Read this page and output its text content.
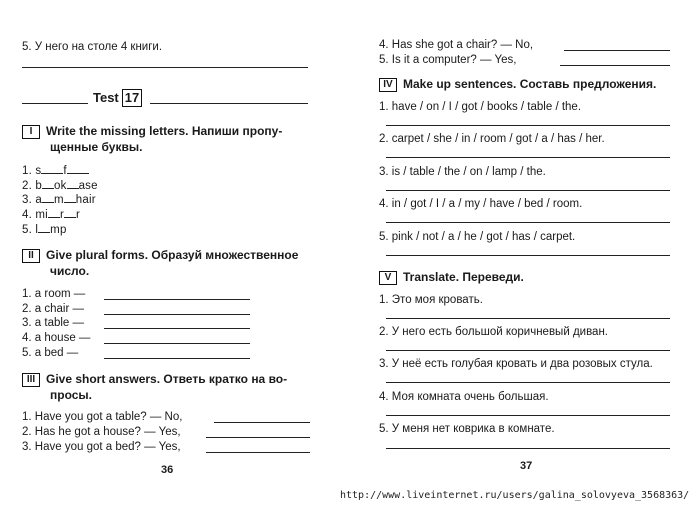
5. У него на столе 4 книги.
Test 17
I Write the missing letters. Напиши пропу-
щенные буквы.
1. s f
2. b ok ase
3. a m hair
4. mi r r
5. l mp
II Give plural forms. Образуй множественное
число.
1. a room —
2. a chair —
3. a table —
4. a house —
5. a bed —
III Give short answers. Ответь кратко на во-
просы.
1. Have you got a table? — No,
2. Has he got a house? — Yes,
3. Have you got a bed? — Yes,
36
4. Has she got a chair? — No,
5. Is it a computer? — Yes,
IV Make up sentences. Составь предложения.
1. have / on / I / got / books / table / the.
2. carpet / she / in / room / got / a / has / her.
3. is / table / the / on / lamp / the.
4. in / got / I / a / my / have / bed / room.
5. pink / not / a / he / got / has / carpet.
V Translate. Переведи.
1. Это моя кровать.
2. У него есть большой коричневый диван.
3. У неё есть голубая кровать и два розовых стула.
4. Моя комната очень большая.
5. У меня нет коврика в комнате.
37
http://www.liveinternet.ru/users/galina_solovyeva_3568363/
